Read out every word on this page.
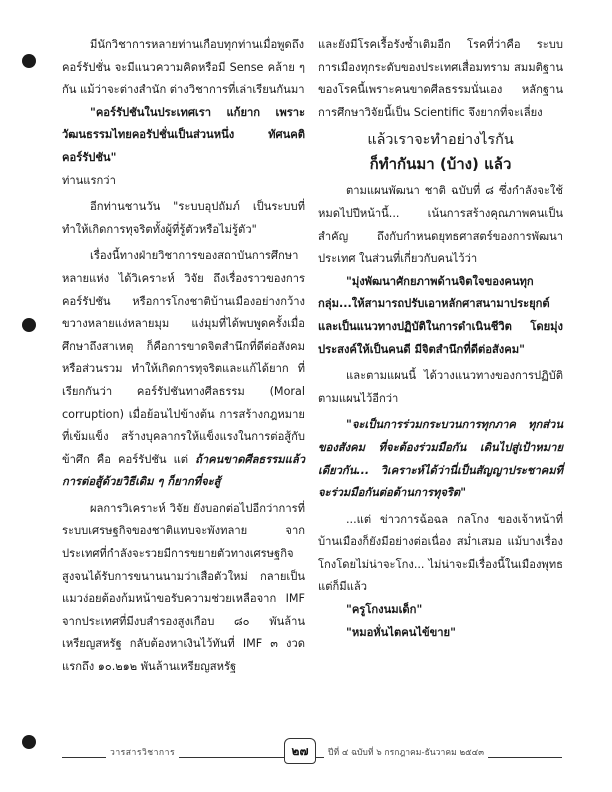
มีนักวิชาการหลายท่านเกือบทุกท่านเมื่อพูดถึงคอร์รัปชั่น จะมีแนวความคิดหรือมี Sense คล้าย ๆ กัน แม้ว่าจะต่างสำนัก ต่างวิชาการที่เล่าเรียนกันมา

"คอร์รัปชันในประเทศเรา แก้ยาก เพราะวัฒนธรรมไทยคอรัปชั่นเป็นส่วนหนึ่ง ทัศนคติคอร์รัปชัน"

ท่านแรกว่า

อีกท่านชานวัน "ระบบอุปถัมภ์ เป็นระบบที่ทำให้เกิดการทุจริตทั้งผู้ที่รู้ตัวหรือไม่รู้ตัว"

เรื่องนี้ทางฝ่ายวิชาการของสถาบันการศึกษาหลายแห่ง ได้วิเคราะห์ วิจัย ถึงเรื่องราวของการคอร์รัปชัน หรือการโกงชาติบ้านเมืองอย่างกว้างขวางหลายแง่หลายมุม แง่มุมที่ได้พบพูดครั้งเมื่อศึกษาถึงสาเหตุ ก็คือการขาดจิตสำนึกที่ดีต่อสังคมหรือส่วนรวม ทำให้เกิดการทุจริตและแก้ได้ยาก ที่เรียกกันว่า คอร์รัปชันทางศีลธรรม (Moral corruption) เมื่อย้อนไปข้างต้น การสร้างกฎหมายที่เข้มแข็ง สร้างบุคลากรให้แข็งแรงในการต่อสู้กับข้าศึก คือ คอร์รัปชัน แต่ ถ้าคนขาดศีลธรรมแล้ว การต่อสู้ด้วยวิธีเดิม ๆ ก็ยากที่จะสู้

ผลการวิเคราะห์ วิจัย ยังบอกต่อไปอีกว่าการที่ระบบเศรษฐกิจของชาติแทบจะพังทลาย จากประเทศที่กำลังจะรวยมีการขยายตัวทางเศรษฐกิจสูงจนได้รับการขนานนามว่าเสือตัวใหม่ กลายเป็นแมวง่อยต้องก้มหน้าขอรับความช่วยเหลือจาก IMF จากประเทศที่มีงบสำรองสูงเกือบ ๘๐ พันล้านเหรียญสหรัฐ กลับต้องหาเงินไว้ทันที่ IMF ๓ งวดแรกถึง ๑๐.๒๑๒ พันล้านเหรียญสหรัฐ

และยังมีโรคเรื้อรังซ้ำเติมอีก โรคที่ว่าคือ ระบบการเมืองทุกระดับของประเทศเสื่อมทราม สมมติฐานของโรคนี้เพราะคนขาดศีลธรรมนั่นเอง หลักฐานการศึกษาวิจัยนี้เป็น Scientific จึงยากที่จะเลี่ยง

แล้วเราจะทำอย่างไรกัน

ก็ทำกันมา (บ้าง) แล้ว

ตามแผนพัฒนา ชาติ ฉบับที่ ๘ ซึ่งกำลังจะใช้หมดไปปีหน้านี้... เน้นการสร้างคุณภาพคนเป็นสำคัญ ถึงกับกำหนดยุทธศาสตร์ของการพัฒนาประเทศ ในส่วนที่เกี่ยวกับคนไว้ว่า

"มุ่งพัฒนาศักยภาพด้านจิตใจของคนทุกกลุ่ม...ให้สามารถปรับเอาหลักศาสนามาประยุกต์และเป็นแนวทางปฏิบัติในการดำเนินชีวิต โดยมุ่งประสงค์ให้เป็นคนดี มีจิตสำนึกที่ดีต่อสังคม"

และตามแผนนี้ ได้วางแนวทางของการปฏิบัติตามแผนไว้อีกว่า

"จะเป็นการร่วมกระบวนการทุกภาค ทุกส่วน ของสังคม ที่จะต้องร่วมมือกัน เดินไปสู่เป้าหมายเดียวกัน... วิเคราะห์ได้ว่านี่เป็นสัญญาประชาคมที่จะร่วมมือกันต่อต้านการทุจริต"

...แต่ ข่าวการฉ้อฉล กลโกง ของเจ้าหน้าที่บ้านเมืองก็ยังมีอย่างต่อเนื่อง สม่ำเสมอ แม้บางเรื่องโกงโดยไม่น่าจะโกง... ไม่น่าจะมีเรื่องนี้ในเมืองพุทธ แต่ก็มีแล้ว

"ครูโกงนมเด็ก"

"หมอหั่นไตคนไข้ขาย"

วารสารวิชาการ	๒๗	ปีที่ ๔ ฉบับที่ ๖ กรกฎาคม-ธันวาคม ๒๕๔๓
